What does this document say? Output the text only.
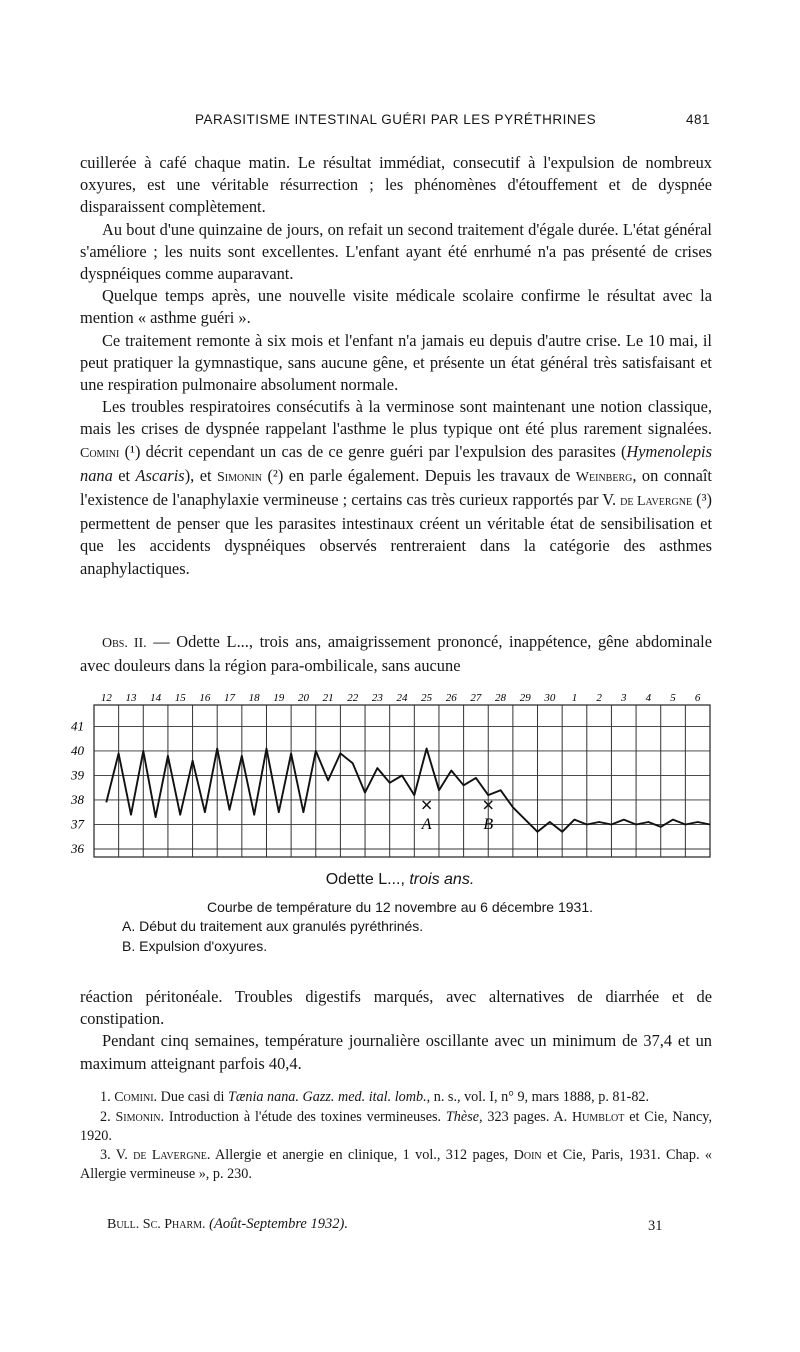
PARASITISME INTESTINAL GUÉRI PAR LES PYRÉTHRINES	481

cuillerée à café chaque matin. Le résultat immédiat, consecutif à l'expulsion de nombreux oxyures, est une véritable résurrection ; les phénomènes d'étouffement et de dyspnée disparaissent complètement.

Au bout d'une quinzaine de jours, on refait un second traitement d'égale durée. L'état général s'améliore ; les nuits sont excellentes. L'enfant ayant été enrhumé n'a pas présenté de crises dyspnéiques comme auparavant.

Quelque temps après, une nouvelle visite médicale scolaire confirme le résultat avec la mention « asthme guéri ».

Ce traitement remonte à six mois et l'enfant n'a jamais eu depuis d'autre crise. Le 10 mai, il peut pratiquer la gymnastique, sans aucune gêne, et présente un état général très satisfaisant et une respiration pulmonaire absolument normale.

Les troubles respiratoires consécutifs à la verminose sont maintenant une notion classique, mais les crises de dyspnée rappelant l'asthme le plus typique ont été plus rarement signalées. Comini (¹) décrit cependant un cas de ce genre guéri par l'expulsion des parasites (Hymenolepis nana et Ascaris), et Simonin (²) en parle également. Depuis les travaux de Weinberg, on connaît l'existence de l'anaphylaxie vermineuse ; certains cas très curieux rapportés par V. de Lavergne (³) permettent de penser que les parasites intestinaux créent un véritable état de sensibilisation et que les accidents dyspnéiques observés rentreraient dans la catégorie des asthmes anaphylactiques.

Obs. II. — Odette L..., trois ans, amaigrissement prononcé, inappétence, gêne abdominale avec douleurs dans la région para-ombilicale, sans aucune

12 13 14 15 16 17 18 19 20 21 22 23 24 25 26 27 28 29 30 1 2 3 4 5 6
41
40
39
38
37
36
A	B
Odette L..., trois ans.
Courbe de température du 12 novembre au 6 décembre 1931.
A. Début du traitement aux granulés pyréthrinés.
B. Expulsion d'oxyures.

réaction péritonéale. Troubles digestifs marqués, avec alternatives de diarrhée et de constipation.

Pendant cinq semaines, température journalière oscillante avec un minimum de 37,4 et un maximum atteignant parfois 40,4.

1. Comini. Due casi di Tænia nana. Gazz. med. ital. lomb., n. s., vol. I, n° 9, mars 1888, p. 81-82.

2. Simonin. Introduction à l'étude des toxines vermineuses. Thèse, 323 pages. A. Humblot et Cie, Nancy, 1920.

3. V. de Lavergne. Allergie et anergie en clinique, 1 vol., 312 pages, Doin et Cie, Paris, 1931. Chap. « Allergie vermineuse », p. 230.

Bull. Sc. Pharm. (Août-Septembre 1932).	31
